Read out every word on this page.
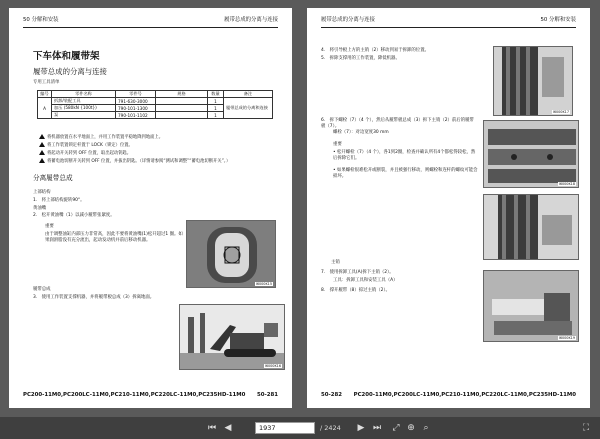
50 分解和安装	履带总成的分离与连接
下车体和履带架
履带总成的分离与连接
专用工具清单
编号	零件名称	零件号	规格	数量	备注
A	拆卸/装配工具	791-630-3000		1	履带总成的分离和连接
	加压 (580kN {100t})	790-101-1300		1	
	泵	790-101-1102		1	
将机器放置在水平地面上，并用工作装置平稳地降到地面上。
将工作装置锁定杆置于 LOCK（锁定）位置。
将起动开关转到 OFF 位置，取出起动钥匙。
将蓄电池切断开关转到 OFF 位置，并拔出钥匙。（详情请参阅“测试和调整”“蓄电池切断开关”。）
分离履带总成
上部结构
1.　将上部结构旋转90°。
黄油嘴
2.　松开黄油嘴（1）以减小履带张紧度。
重要
由于调整油缸内部压力非常高，因此不要将黄油嘴(1)松开超过1 圈。如果润滑脂没有充分流出，起动发动机并前后移动机器。
I6000K15
履带总成
3.　使用工作装置支撑机器，并将履带板总成（3）拆离地面。
I6000K16
PC200-11M0,PC200LC-11M0,PC210-11M0,PC220LC-11M0,PC235HD-11M0 50-281
履带总成的分离与连接	50 分解和安装
4.　将引导板上方的主销（2）移动到易于拆卸的位置。
5.　拆除支撑用的工作装置，降低机器。
I6000K17
6.　拆下螺栓（7）（4 个），然后从履带板总成（3）拆下主销（2）前后的履带板（7）。
螺栓（7）：对边宽度30 mm
重要
• 松开螺栓（7）（4 个），各1到2圈，检查并确认所有4个都松得较松，然后拆除它们。
• 如果螺栓很难松开或断裂，并且被强行移动，则螺栓和连杆的螺纹可能会损坏。
I6000K18
主销
7.　使用拆卸工具(A)拆下主销（2）。
工具：拆卸工具和安装工具（A）
8.　撑开履带（8）掠过主销（2）。
I6000K19
50-282 PC200-11M0,PC200LC-11M0,PC210-11M0,PC220LC-11M0,PC235HD-11M0
⏮ ◀	1937	/ 2424 ▶ ⏭ ⤢ ⊕ ⌕	⛶
